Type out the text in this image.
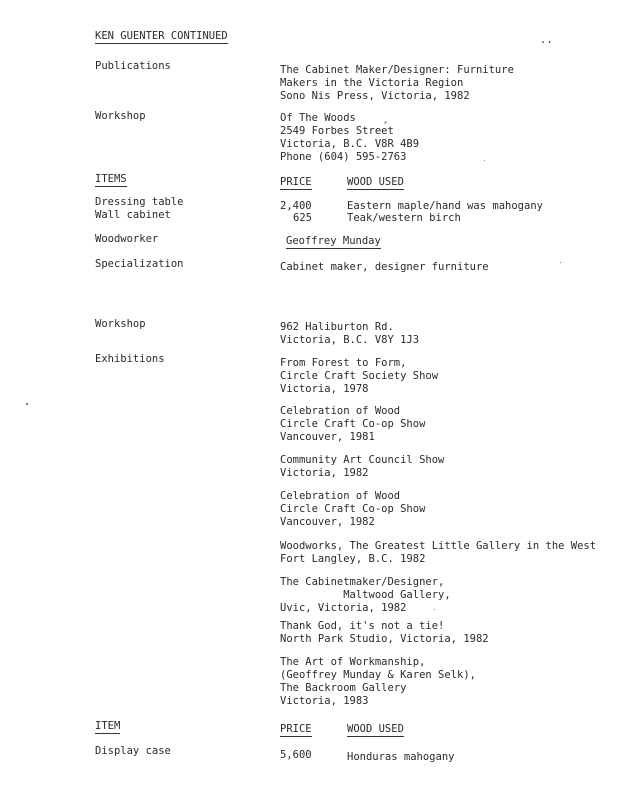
KEN GUENTER CONTINUED	..
Publications	The Cabinet Maker/Designer: Furniture
Makers in the Victoria Region
Sono Nis Press, Victoria, 1982
Workshop	Of The Woods
2549 Forbes Street
Victoria, B.C. V8R 4B9
Phone (604) 595-2763
ITEMS	PRICE	WOOD USED
Dressing table	2,400	Eastern maple/hand was mahogany
Wall cabinet	625	Teak/western birch
Woodworker	Geoffrey Munday
Specialization	Cabinet maker, designer furniture
Workshop	962 Haliburton Rd.
Victoria, B.C. V8Y 1J3
Exhibitions	From Forest to Form,
Circle Craft Society Show
Victoria, 1978
Celebration of Wood
Circle Craft Co-op Show
Vancouver, 1981
Community Art Council Show
Victoria, 1982
Celebration of Wood
Circle Craft Co-op Show
Vancouver, 1982
Woodworks, The Greatest Little Gallery in the West
Fort Langley, B.C. 1982
The Cabinetmaker/Designer,
Maltwood Gallery,
Uvic, Victoria, 1982
Thank God, it's not a tie!
North Park Studio, Victoria, 1982
The Art of Workmanship,
(Geoffrey Munday & Karen Selk),
The Backroom Gallery
Victoria, 1983
ITEM	PRICE	WOOD USED
Display case	5,600	Honduras mahogany
